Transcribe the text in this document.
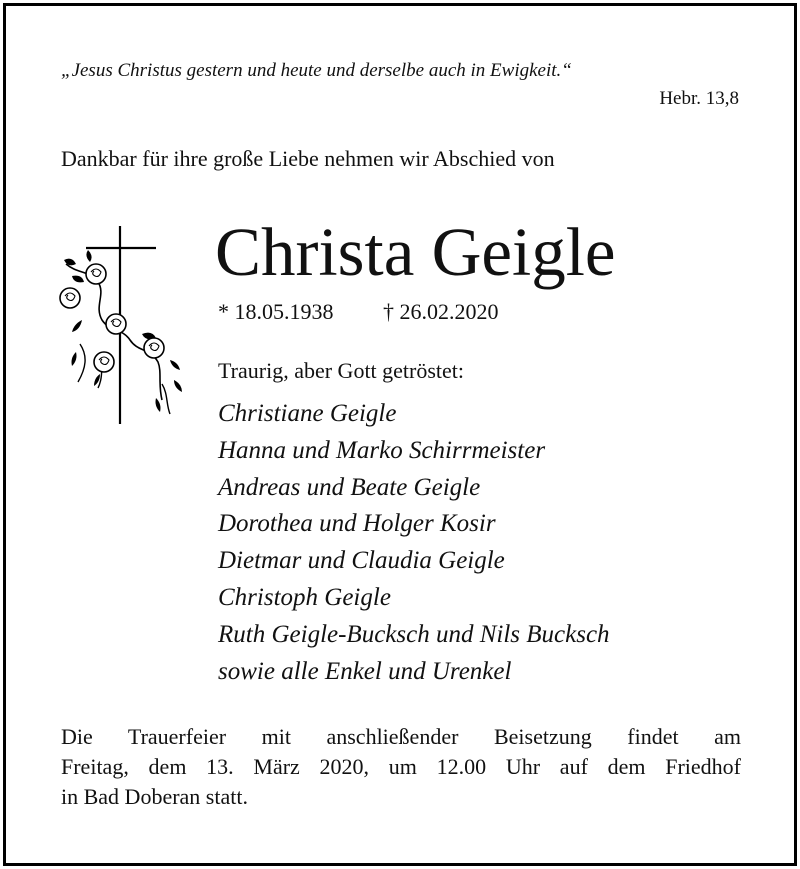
„Jesus Christus gestern und heute und derselbe auch in Ewigkeit.“
Hebr. 13,8
Dankbar für ihre große Liebe nehmen wir Abschied von
Christa Geigle
* 18.05.1938 † 26.02.2020
Traurig, aber Gott getröstet:
Christiane Geigle
Hanna und Marko Schirrmeister
Andreas und Beate Geigle
Dorothea und Holger Kosir
Dietmar und Claudia Geigle
Christoph Geigle
Ruth Geigle-Bucksch und Nils Bucksch
sowie alle Enkel und Urenkel
Die Trauerfeier mit anschließender Beisetzung findet am
Freitag, dem 13. März 2020, um 12.00 Uhr auf dem Friedhof
in Bad Doberan statt.
